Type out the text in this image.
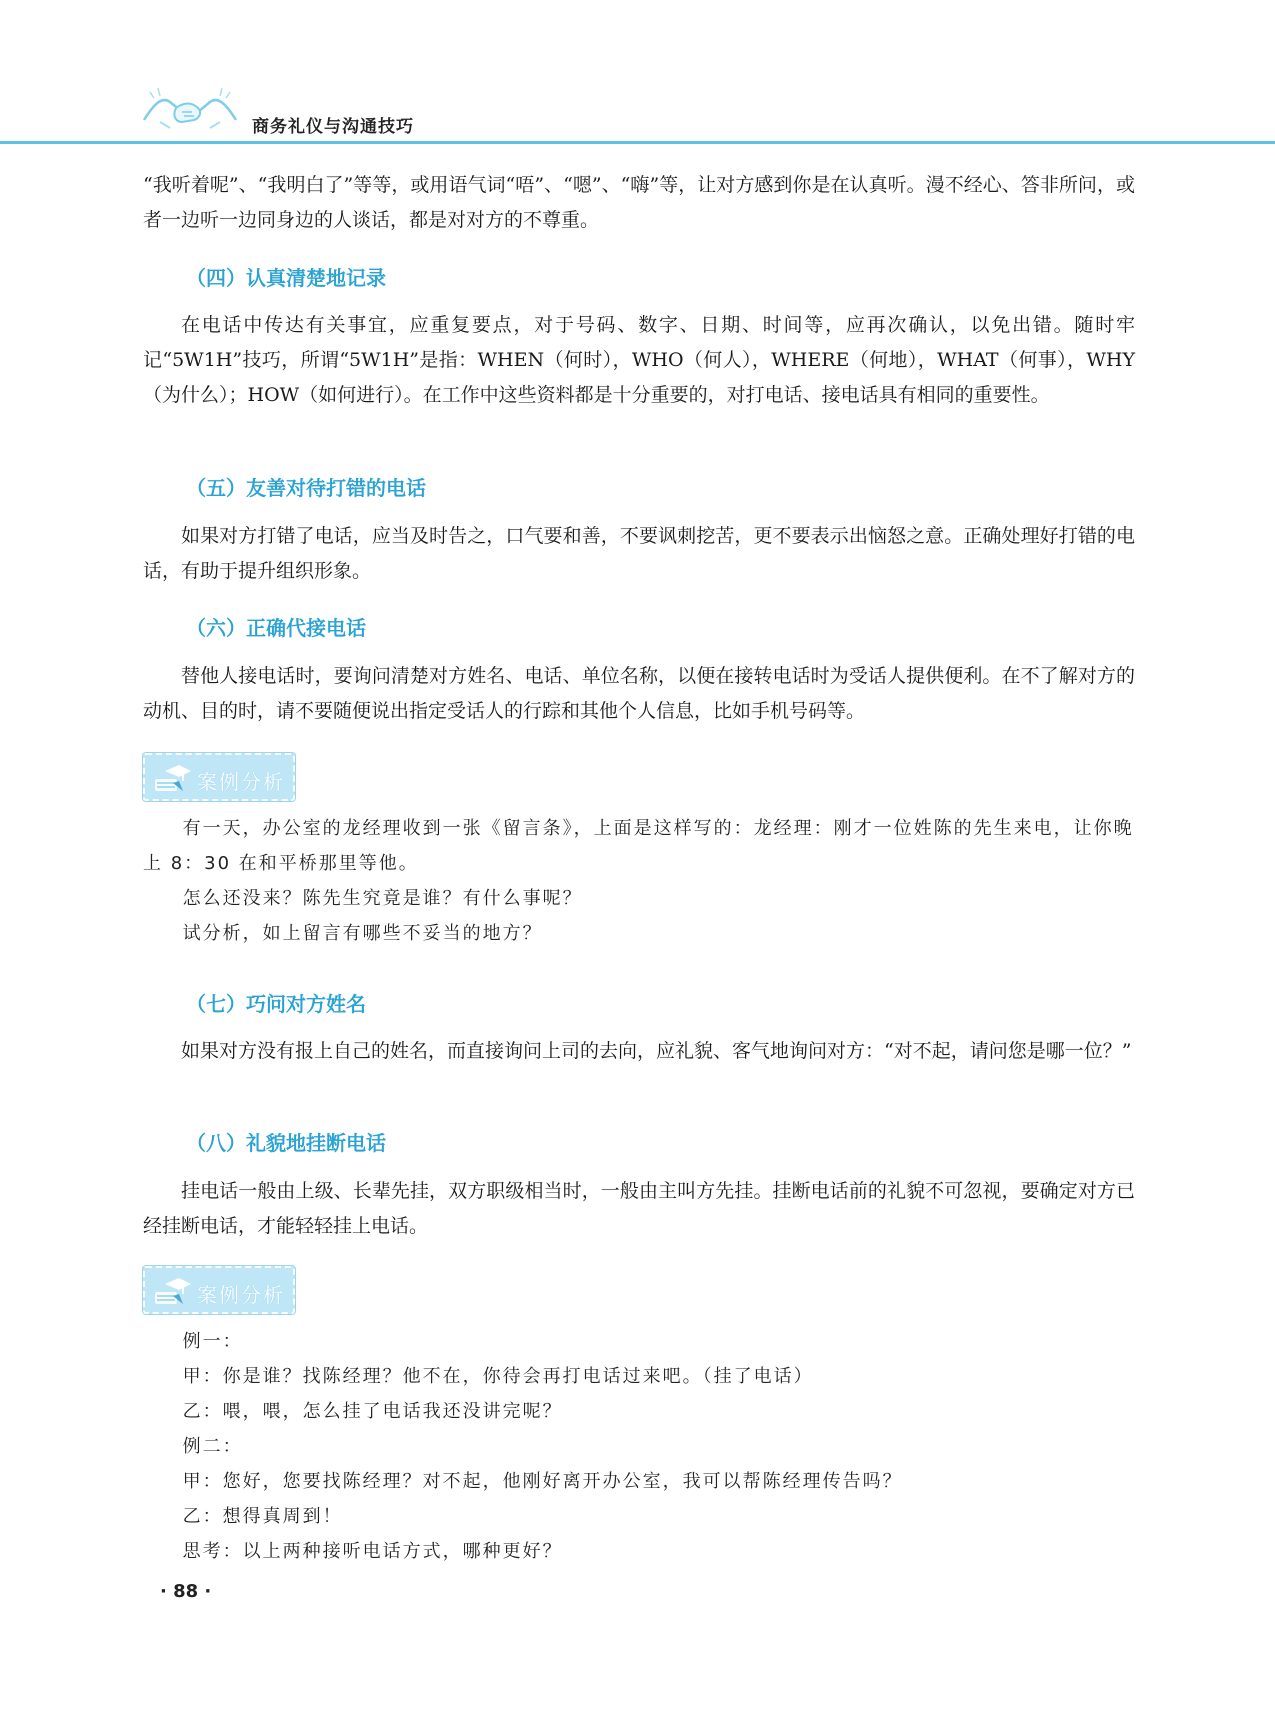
商务礼仪与沟通技巧

“我听着呢”、“我明白了”等等，或用语气词“唔”、“嗯”、“嗨”等，让对方感到你是在认真听。漫不经心、答非所问，或者一边听一边同身边的人谈话，都是对对方的不尊重。

（四）认真清楚地记录

在电话中传达有关事宜，应重复要点，对于号码、数字、日期、时间等，应再次确认，以免出错。随时牢记“5W1H”技巧，所谓“5W1H”是指：WHEN（何时），WHO（何人），WHERE（何地），WHAT（何事），WHY（为什么）；HOW（如何进行）。在工作中这些资料都是十分重要的，对打电话、接电话具有相同的重要性。

（五）友善对待打错的电话

如果对方打错了电话，应当及时告之，口气要和善，不要讽刺挖苦，更不要表示出恼怒之意。正确处理好打错的电话，有助于提升组织形象。

（六）正确代接电话

替他人接电话时，要询问清楚对方姓名、电话、单位名称，以便在接转电话时为受话人提供便利。在不了解对方的动机、目的时，请不要随便说出指定受话人的行踪和其他个人信息，比如手机号码等。

案例分析
有一天，办公室的龙经理收到一张《留言条》，上面是这样写的：龙经理：刚才一位姓陈的先生来电，让你晚上 8：30 在和平桥那里等他。
怎么还没来？陈先生究竟是谁？有什么事呢？
试分析，如上留言有哪些不妥当的地方？
（七）巧问对方姓名

如果对方没有报上自己的姓名，而直接询问上司的去向，应礼貌、客气地询问对方：“对不起，请问您是哪一位？”

（八）礼貌地挂断电话

挂电话一般由上级、长辈先挂，双方职级相当时，一般由主叫方先挂。挂断电话前的礼貌不可忽视，要确定对方已经挂断电话，才能轻轻挂上电话。

案例分析
例一：
甲：你是谁？找陈经理？他不在，你待会再打电话过来吧。（挂了电话）
乙：喂，喂，怎么挂了电话我还没讲完呢？
例二：
甲：您好，您要找陈经理？对不起，他刚好离开办公室，我可以帮陈经理传告吗？
乙：想得真周到！
思考：以上两种接听电话方式，哪种更好？
· 88 ·
